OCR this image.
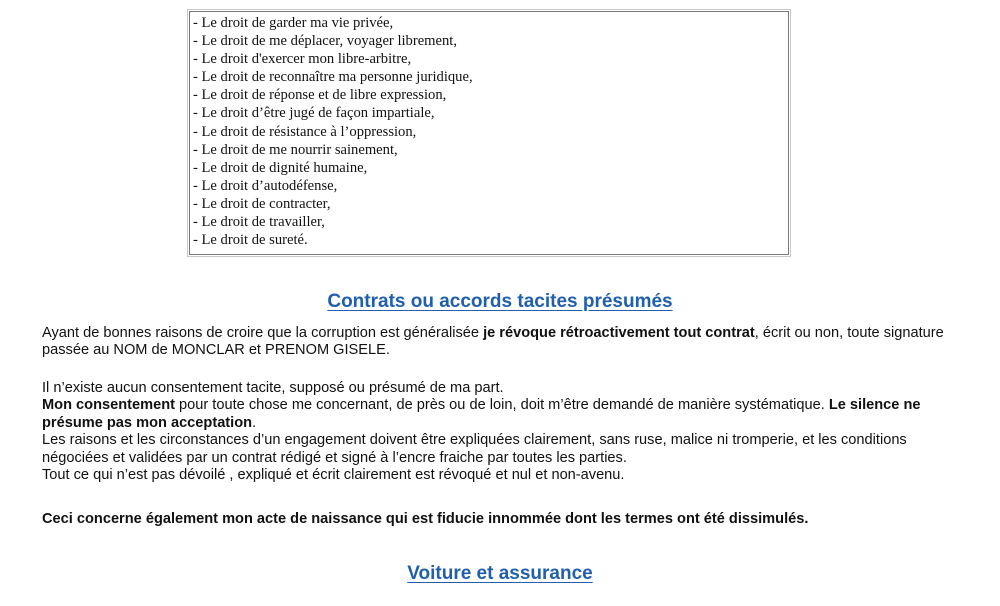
- Le droit de garder ma vie privée,
- Le droit de me déplacer, voyager librement,
- Le droit d'exercer mon libre-arbitre,
- Le droit de reconnaître ma personne juridique,
- Le droit de réponse et de libre expression,
- Le droit d’être jugé de façon impartiale,
- Le droit de résistance à l’oppression,
- Le droit de me nourrir sainement,
- Le droit de dignité humaine,
- Le droit d’autodéfense,
- Le droit de contracter,
- Le droit de travailler,
- Le droit de sureté.
Contrats ou accords tacites présumés

Ayant de bonnes raisons de croire que la corruption est généralisée je révoque rétroactivement tout contrat, écrit ou non, toute signature passée au NOM de MONCLAR et PRENOM GISELE.

Il n’existe aucun consentement tacite, supposé ou présumé de ma part.

Mon consentement pour toute chose me concernant, de près ou de loin, doit m’être demandé de manière systématique. Le silence ne présume pas mon acceptation.

Les raisons et les circonstances d’un engagement doivent être expliquées clairement, sans ruse, malice ni tromperie, et les conditions négociées et validées par un contrat rédigé et signé à l’encre fraiche par toutes les parties.

Tout ce qui n’est pas dévoilé , expliqué et écrit clairement est révoqué et nul et non-avenu.

Ceci concerne également mon acte de naissance qui est fiducie innommée dont les termes ont été dissimulés.

Voiture et assurance
